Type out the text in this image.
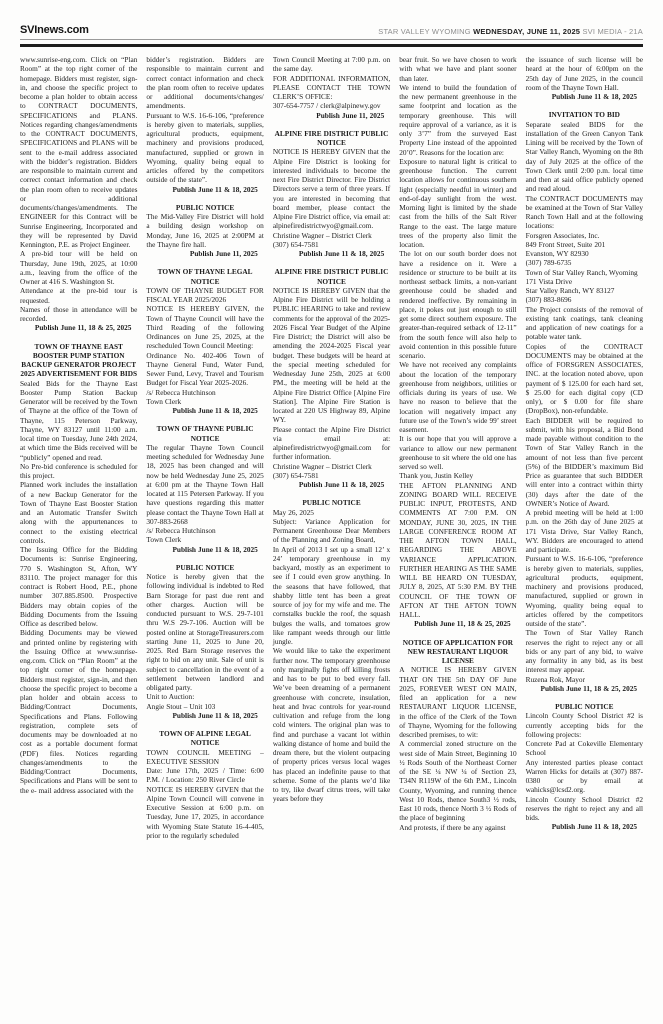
SVInews.com	STAR VALLEY WYOMING WEDNESDAY, JUNE 11, 2025 SVI MEDIA - 21A
www.sunrise-eng.com. Click on “Plan Room” at the top right corner of the homepage. Bidders must register, sign-in, and choose the specific project to become a plan holder to obtain access to CONTRACT DOCUMENTS, SPECIFICATIONS and PLANS. Notices regarding changes/amendments to the CONTRACT DOCUMENTS, SPECIFICATIONS and PLANS will be sent to the e-mail address associated with the bidder’s registration. Bidders are responsible to maintain current and correct contact information and check the plan room often to receive updates or additional documents/changes/amendments. The ENGINEER for this Contract will be Sunrise Engineering, Incorporated and they will be represented by David Kennington, P.E. as Project Engineer.
A pre-bid tour will be held on Thursday, June 19th, 2025, at 10:00 a.m., leaving from the office of the Owner at 416 S. Washington St.
Attendance at the pre-bid tour is requested.
Names of those in attendance will be recorded.
Publish June 11, 18 & 25, 2025
TOWN OF THAYNE EAST BOOSTER PUMP STATION BACKUP GENERATOR PROJECT 2025 ADVERTISEMENT FOR BIDS
Sealed Bids for the Thayne East Booster Pump Station Backup Generator will be received by the Town of Thayne at the office of the Town of Thayne, 115 Peterson Parkway, Thayne, WY 83127 until 11:00 a.m. local time on Tuesday, June 24th 2024, at which time the Bids received will be “publicly” opened and read.
No Pre-bid conference is scheduled for this project.
Planned work includes the installation of a new Backup Generator for the Town of Thayne East Booster Station and an Automatic Transfer Switch along with the appurtenances to connect to the existing electrical controls.
The Issuing Office for the Bidding Documents is: Sunrise Engineering, 770 S. Washington St, Afton, WY 83110. The project manager for this contract is Robert Hood, P.E., phone number 307.885.8500. Prospective Bidders may obtain copies of the Bidding Documents from the Issuing Office as described below.
Bidding Documents may be viewed and printed online by registering with the Issuing Office at www.sunrise-eng.com. Click on “Plan Room” at the top right corner of the homepage. Bidders must register, sign-in, and then choose the specific project to become a plan holder and obtain access to Bidding/Contract Documents, Specifications and Plans. Following registration, complete sets of documents may be downloaded at no cost as a portable document format (PDF) files. Notices regarding changes/amendments to the Bidding/Contract Documents, Specifications and Plans will be sent to the e- mail address associated with the
bidder’s registration. Bidders are responsible to maintain current and correct contact information and check the plan room often to receive updates or additional documents/changes/ amendments.
Pursuant to W.S. 16-6-106, “preference is hereby given to materials, supplies, agricultural products, equipment, machinery and provisions produced, manufactured, supplied or grown in Wyoming, quality being equal to articles offered by the competitors outside of the state”.
Publish June 11 & 18, 2025
PUBLIC NOTICE
The Mid-Valley Fire District will hold a building design workshop on Monday, June 16, 2025 at 2:00PM at the Thayne fire hall.
Publish June 11, 2025
TOWN OF THAYNE LEGAL NOTICE
TOWN OF THAYNE BUDGET FOR FISCAL YEAR 2025/2026
NOTICE IS HEREBY GIVEN, the Town of Thayne Council will have the Third Reading of the following Ordinances on June 25, 2025, at the rescheduled Town Council Meeting:
Ordinance No. 402-406 Town of Thayne General Fund, Water Fund, Sewer Fund, Levy, Travel and Tourism Budget for Fiscal Year 2025-2026.
/s/ Rebecca Hutchinson
Town Clerk
Publish June 11 & 18, 2025
TOWN OF THAYNE PUBLIC NOTICE
The regular Thayne Town Council meeting scheduled for Wednesday June 18, 2025 has been changed and will now be held Wednesday June 25, 2025 at 6:00 pm at the Thayne Town Hall located at 115 Petersen Parkway. If you have questions regarding this matter please contact the Thayne Town Hall at 307-883-2668
/s/ Rebecca Hutchinson
Town Clerk
Publish June 11 & 18, 2025
PUBLIC NOTICE
Notice is hereby given that the following individual is indebted to Red Barn Storage for past due rent and other charges. Auction will be conducted pursuant to W.S. 29-7-101 thru W.S 29-7-106. Auction will be posted online at StorageTreasurers.com starting June 11, 2025 to June 20, 2025. Red Barn Storage reserves the right to bid on any unit. Sale of unit is subject to cancellation in the event of a settlement between landlord and obligated party.
Unit to Auction:
Angie Stout – Unit 103
Publish June 11 & 18, 2025
TOWN OF ALPINE LEGAL NOTICE
TOWN COUNCIL MEETING – EXECUTIVE SESSION
Date: June 17th, 2025 / Time: 6:00 P.M. / Location: 250 River Circle
NOTICE IS HEREBY GIVEN that the Alpine Town Council will convene in Executive Session at 6:00 p.m. on Tuesday, June 17, 2025, in accordance with Wyoming State Statute 16-4-405, prior to the regularly scheduled
Town Council Meeting at 7:00 p.m. on the same day.
FOR ADDITIONAL INFORMATION, PLEASE CONTACT THE TOWN CLERK’S OFFICE:
307-654-7757 / clerk@alpinewy.gov
Publish June 11, 2025
ALPINE FIRE DISTRICT PUBLIC NOTICE
NOTICE IS HEREBY GIVEN that the Alpine Fire District is looking for interested individuals to become the next Fire District Director. Fire District Directors serve a term of three years. If you are interested in becoming that board member, please contact the Alpine Fire District office, via email at: alpinefiredistrictwyo@gmail.com.
Christine Wagner – District Clerk
(307) 654-7581
Publish June 11 & 18, 2025
ALPINE FIRE DISTRICT PUBLIC NOTICE
NOTICE IS HEREBY GIVEN that the Alpine Fire District will be holding a PUBLIC HEARING to take and review comments for the approval of the 2025-2026 Fiscal Year Budget of the Alpine Fire District; the District will also be amending the 2024-2025 Fiscal year budget. These budgets will be heard at the special meeting scheduled for Wednesday June 25th, 2025 at 6:00 PM., the meeting will be held at the Alpine Fire District Office [Alpine Fire Station]. The Alpine Fire Station is located at 220 US Highway 89, Alpine WY.
Please contact the Alpine Fire District via email at: alpinefiredistrictwyo@gmail.com for further information.
Christine Wagner – District Clerk
(307) 654-7581
Publish June 11 & 18, 2025
PUBLIC NOTICE
May 26, 2025
Subject: Variance Application for Permanent Greenhouse Dear Members of the Planning and Zoning Board,
In April of 2013 I set up a small 12’ x 24’ temporary greenhouse in my backyard, mostly as an experiment to see if I could even grow anything. In the seasons that have followed, that shabby little tent has been a great source of joy for my wife and me. The cornstalks buckle the roof, the squash bulges the walls, and tomatoes grow like rampant weeds through our little jungle.
We would like to take the experiment further now. The temporary greenhouse only marginally fights off killing frosts and has to be put to bed every fall. We’ve been dreaming of a permanent greenhouse with concrete, insulation, heat and hvac controls for year-round cultivation and refuge from the long cold winters. The original plan was to find and purchase a vacant lot within walking distance of home and build the dream there, but the violent outpacing of property prices versus local wages has placed an indefinite pause to that scheme. Some of the plants we’d like to try, like dwarf citrus trees, will take years before they
bear fruit. So we have chosen to work with what we have and plant sooner than later.
We intend to build the foundation of the new permanent greenhouse in the same footprint and location as the temporary greenhouse. This will require approval of a variance, as it is only 3’7” from the surveyed East Property Line instead of the appointed 20’0”. Reasons for the location are:
Exposure to natural light is critical to greenhouse function. The current location allows for continuous southern light (especially needful in winter) and end-of-day sunlight from the west. Morning light is limited by the shade cast from the hills of the Salt River Range to the east. The large mature trees of the property also limit the location.
The lot on our south border does not have a residence on it. Were a residence or structure to be built at its northeast setback limits, a non-variant greenhouse could be shaded and rendered ineffective. By remaining in place, it pokes out just enough to still get some direct southern exposure. The greater-than-required setback of 12-11” from the south fence will also help to avoid contention in this possible future scenario.
We have not received any complaints about the location of the temporary greenhouse from neighbors, utilities or officials during its years of use. We have no reason to believe that the location will negatively impact any future use of the Town’s wide 99’ street easement.
It is our hope that you will approve a variance to allow our new permanent greenhouse to sit where the old one has served so well.
Thank you, Justin Kelley
THE AFTON PLANNING AND ZONING BOARD WILL RECEIVE PUBLIC INPUT, PROTESTS, AND COMMENTS AT 7:00 P.M. ON MONDAY, JUNE 30, 2025, IN THE LARGE CONFERENCE ROOM AT THE AFTON TOWN HALL, REGARDING THE ABOVE VARIANCE APPLICATION. FURTHER HEARING AS THE SAME WILL BE HEARD ON TUESDAY, JULY 8, 2025, AT 5:30 P.M. BY THE COUNCIL OF THE TOWN OF AFTON AT THE AFTON TOWN HALL.
Publish June 11, 18 & 25, 2025
NOTICE OF APPLICATION FOR NEW RESTAURANT LIQUOR LICENSE
A NOTICE IS HEREBY GIVEN THAT ON THE 5th DAY OF June 2025, FOREVER WEST ON MAIN, filed an application for a new RESTAURANT LIQUOR LICENSE, in the office of the Clerk of the Town of Thayne, Wyoming for the following described premises, to wit:
A commercial zoned structure on the west side of Main Street, Beginning 10 ½ Rods South of the Northeast Corner of the SE ¼ NW ¼ of Section 23, T34N R119W of the 6th P.M., Lincoln County, Wyoming, and running thence West 10 Rods, thence South3 ½ rods, East 10 rods, thence North 3 ½ Rods of the place of beginning
And protests, if there be any against
the issuance of such license will be heard at the hour of 6:00pm on the 25th day of June 2025, in the council room of the Thayne Town Hall.
Publish June 11 & 18, 2025
INVITATION TO BID
Separate sealed BIDS for the installation of the Green Canyon Tank Lining will be received by the Town of Star Valley Ranch, Wyoming on the 8th day of July 2025 at the office of the Town Clerk until 2:00 p.m. local time and then at said office publicly opened and read aloud.
The CONTRACT DOCUMENTS may be examined at the Town of Star Valley Ranch Town Hall and at the following locations:
Forsgren Associates, Inc.
849 Front Street, Suite 201
Evanston, WY 82930
(307) 789-6735
Town of Star Valley Ranch, Wyoming
171 Vista Drive
Star Valley Ranch, WY 83127
(307) 883-8696
The Project consists of the removal of existing tank coatings, tank cleaning and application of new coatings for a potable water tank.
Copies of the CONTRACT DOCUMENTS may be obtained at the office of FORSGREN ASSOCIATES, INC. at the location noted above, upon payment of $ 125.00 for each hard set, $ 25.00 for each digital copy (CD only), or $ 0.00 for file share (DropBox), non-refundable.
Each BIDDER will be required to submit, with his proposal, a Bid Bond made payable without condition to the Town of Star Valley Ranch in the amount of not less than five percent (5%) of the BIDDER’s maximum Bid Price as guarantee that such BIDDER will enter into a contract within thirty (30) days after the date of the OWNER’s Notice of Award.
A prebid meeting will be held at 1:00 p.m. on the 26th day of June 2025 at 171 Vista Drive, Star Valley Ranch, WY. Bidders are encouraged to attend and participate.
Pursuant to W.S. 16-6-106, “preference is hereby given to materials, supplies, agricultural products, equipment, machinery and provisions produced, manufactured, supplied or grown in Wyoming, quality being equal to articles offered by the competitors outside of the state”.
The Town of Star Valley Ranch reserves the right to reject any or all bids or any part of any bid, to waive any formality in any bid, as its best interest may appear.
Ruzena Rok, Mayor
Publish June 11, 18 & 25, 2025
PUBLIC NOTICE
Lincoln County School District #2 is currently accepting bids for the following projects:
Concrete Pad at Cokeville Elementary School
Any interested parties please contact Warren Hicks for details at (307) 887-0380 or by email at wahicks@lcsd2.org.
Lincoln County School District #2 reserves the right to reject any and all bids.
Publish June 11 & 18, 2025
